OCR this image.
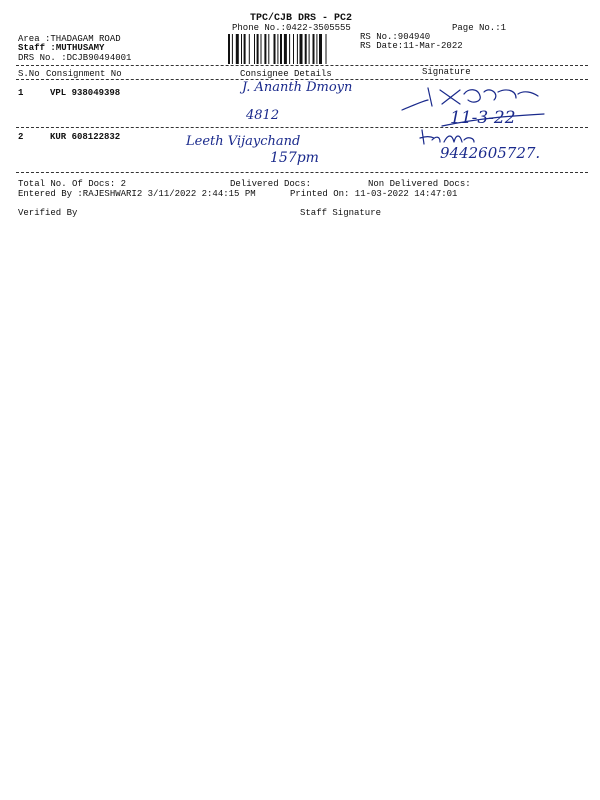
TPC/CJB DRS - PC2
Phone No.:0422-3505555	Page No.:1
Area :THADAGAM ROAD
Staff :MUTHUSAMY
DRS No. :DCJB90494001
RS No.:904940
RS Date:11-Mar-2022
S.No Consignment No	Consignee Details	Signature
1	VPL 938049398	J. Ananth Dmoyn
4812	11-3-22
2	KUR 608122832	Leeth Vijaychand
157pm	9442605727.
Total No. Of Docs: 2	Delivered Docs:	Non Delivered Docs:
Entered By :RAJESHWARI2 3/11/2022 2:44:15 PM	Printed On: 11-03-2022 14:47:01
Verified By	Staff Signature
